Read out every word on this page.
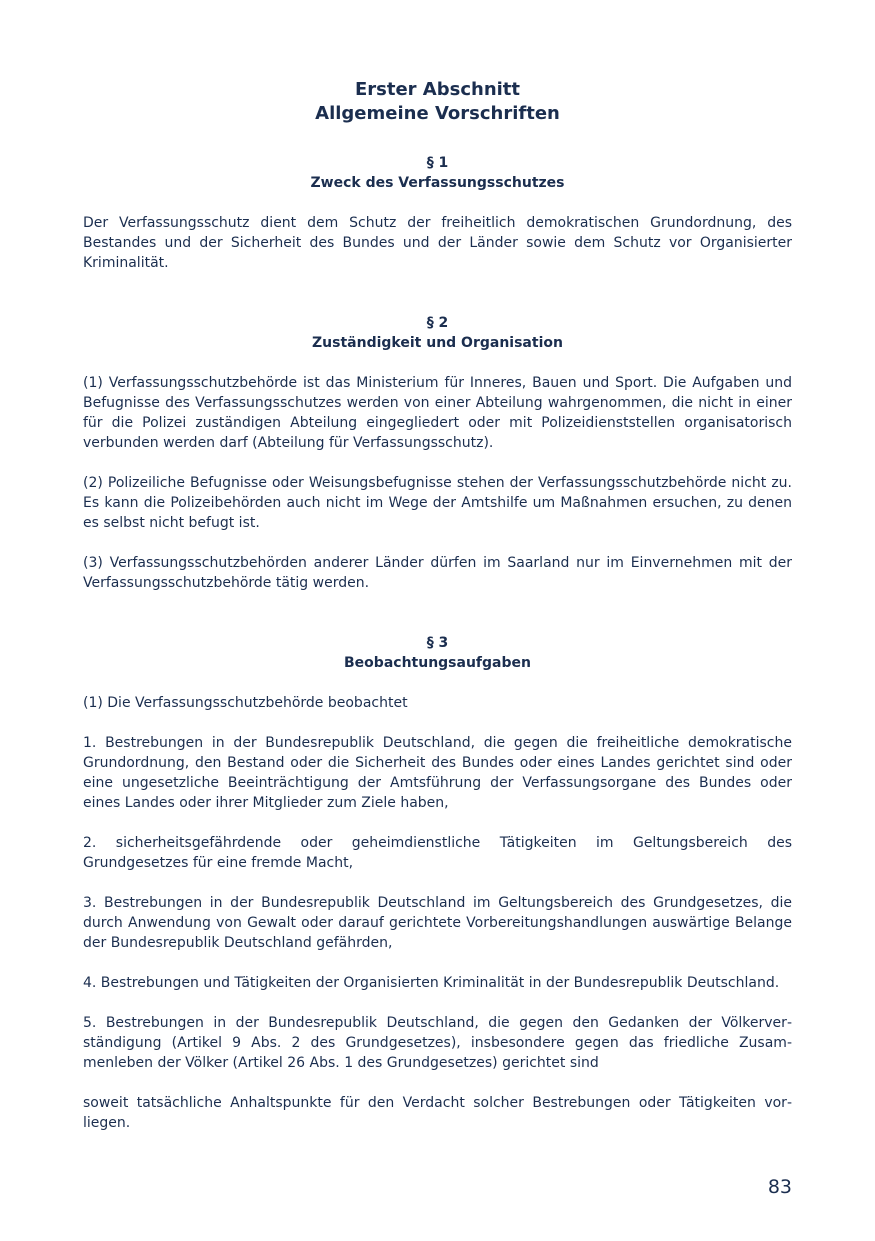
Erster Abschnitt
Allgemeine Vorschriften
§ 1
Zweck des Verfassungsschutzes

Der Verfassungsschutz dient dem Schutz der freiheitlich demokratischen Grundordnung, des Bestandes und der Sicherheit des Bundes und der Länder sowie dem Schutz vor Organisierter Kriminalität.

§ 2
Zuständigkeit und Organisation

(1) Verfassungsschutzbehörde ist das Ministerium für Inneres, Bauen und Sport. Die Aufgaben und Befugnisse des Verfassungsschutzes werden von einer Abteilung wahrgenommen, die nicht in einer für die Polizei zuständigen Abteilung eingegliedert oder mit Polizeidienststellen organisatorisch verbunden werden darf (Abteilung für Verfassungsschutz).

(2) Polizeiliche Befugnisse oder Weisungsbefugnisse stehen der Verfassungsschutzbehörde nicht zu. Es kann die Polizeibehörden auch nicht im Wege der Amtshilfe um Maßnahmen ersuchen, zu denen es selbst nicht befugt ist.

(3) Verfassungsschutzbehörden anderer Länder dürfen im Saarland nur im Einvernehmen mit der Verfassungsschutzbehörde tätig werden.

§ 3
Beobachtungsaufgaben

(1) Die Verfassungsschutzbehörde beobachtet

1. Bestrebungen in der Bundesrepublik Deutschland, die gegen die freiheitliche demokratische Grundordnung, den Bestand oder die Sicherheit des Bundes oder eines Landes gerichtet sind oder eine ungesetzliche Beeinträchtigung der Amtsführung der Verfassungsorgane des Bundes oder eines Landes oder ihrer Mitglieder zum Ziele haben,

2. sicherheitsgefährdende oder geheimdienstliche Tätigkeiten im Geltungsbereich des Grundgesetzes für eine fremde Macht,

3. Bestrebungen in der Bundesrepublik Deutschland im Geltungsbereich des Grundgesetzes, die durch Anwendung von Gewalt oder darauf gerichtete Vorbereitungshandlungen auswärtige Belange der Bundesrepublik Deutschland gefährden,

4. Bestrebungen und Tätigkeiten der Organisierten Kriminalität in der Bundesrepublik Deutschland.

5. Bestrebungen in der Bundesrepublik Deutschland, die gegen den Gedanken der Völkerverständigung (Artikel 9 Abs. 2 des Grundgesetzes), insbesondere gegen das friedliche Zusammenleben der Völker (Artikel 26 Abs. 1 des Grundgesetzes) gerichtet sind

soweit tatsächliche Anhaltspunkte für den Verdacht solcher Bestrebungen oder Tätigkeiten vorliegen.

83
